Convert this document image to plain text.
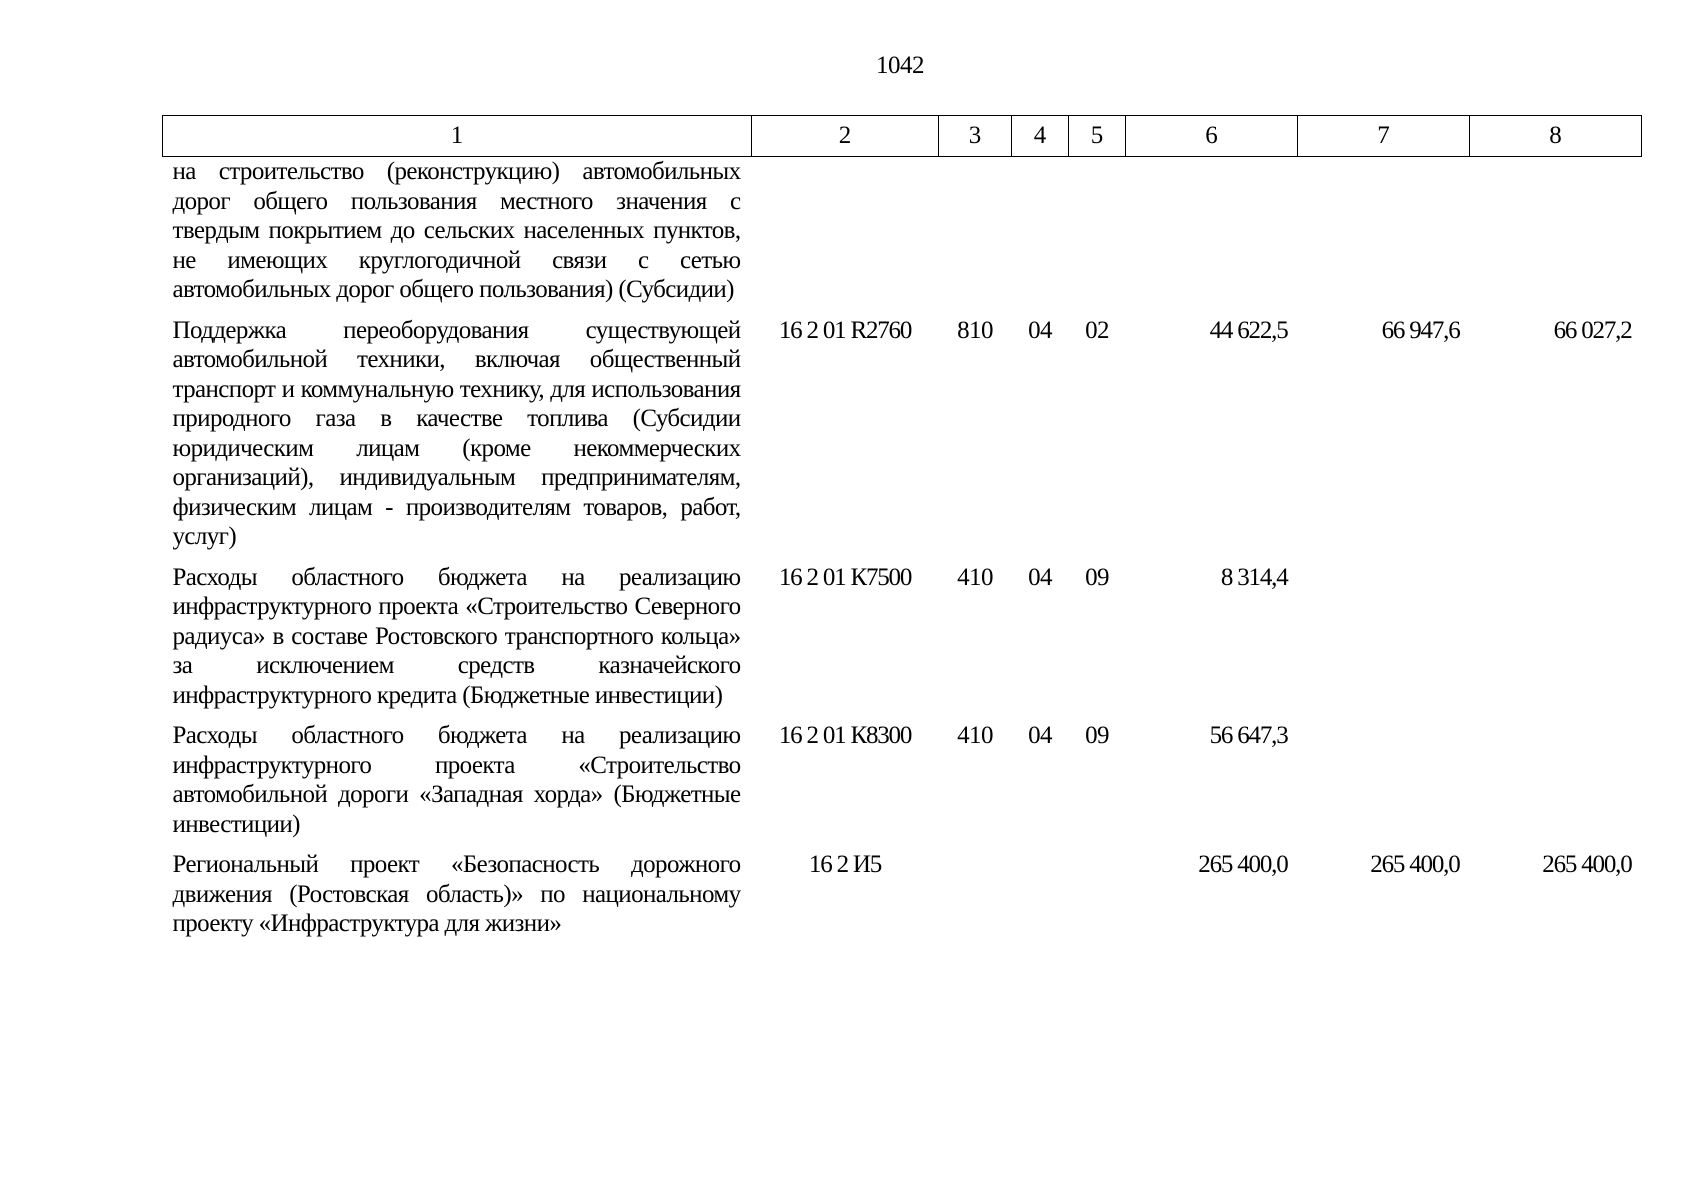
1042
1	2	3	4	5	6	7	8
на строительство (реконструкцию) автомобильных дорог общего пользования местного значения с твердым покрытием до сельских населенных пунктов, не имеющих круглогодичной связи с сетью автомобильных дорог общего пользования) (Субсидии)							
Поддержка переоборудования существующей автомобильной техники, включая общественный транспорт и коммунальную технику, для использования природного газа в качестве топлива (Субсидии юридическим лицам (кроме некоммерческих организаций), индивидуальным предпринимателям, физическим лицам - производителям товаров, работ, услуг)	16 2 01 R2760	810	04	02	44 622,5	66 947,6	66 027,2
Расходы областного бюджета на реализацию инфраструктурного проекта «Строительство Северного радиуса» в составе Ростовского транспортного кольца» за исключением средств казначейского инфраструктурного кредита (Бюджетные инвестиции)	16 2 01 К7500	410	04	09	8 314,4		
Расходы областного бюджета на реализацию инфраструктурного проекта «Строительство автомобильной дороги «Западная хорда» (Бюджетные инвестиции)	16 2 01 К8300	410	04	09	56 647,3		
Региональный проект «Безопасность дорожного движения (Ростовская область)» по национальному проекту «Инфраструктура для жизни»	16 2 И5				265 400,0	265 400,0	265 400,0
